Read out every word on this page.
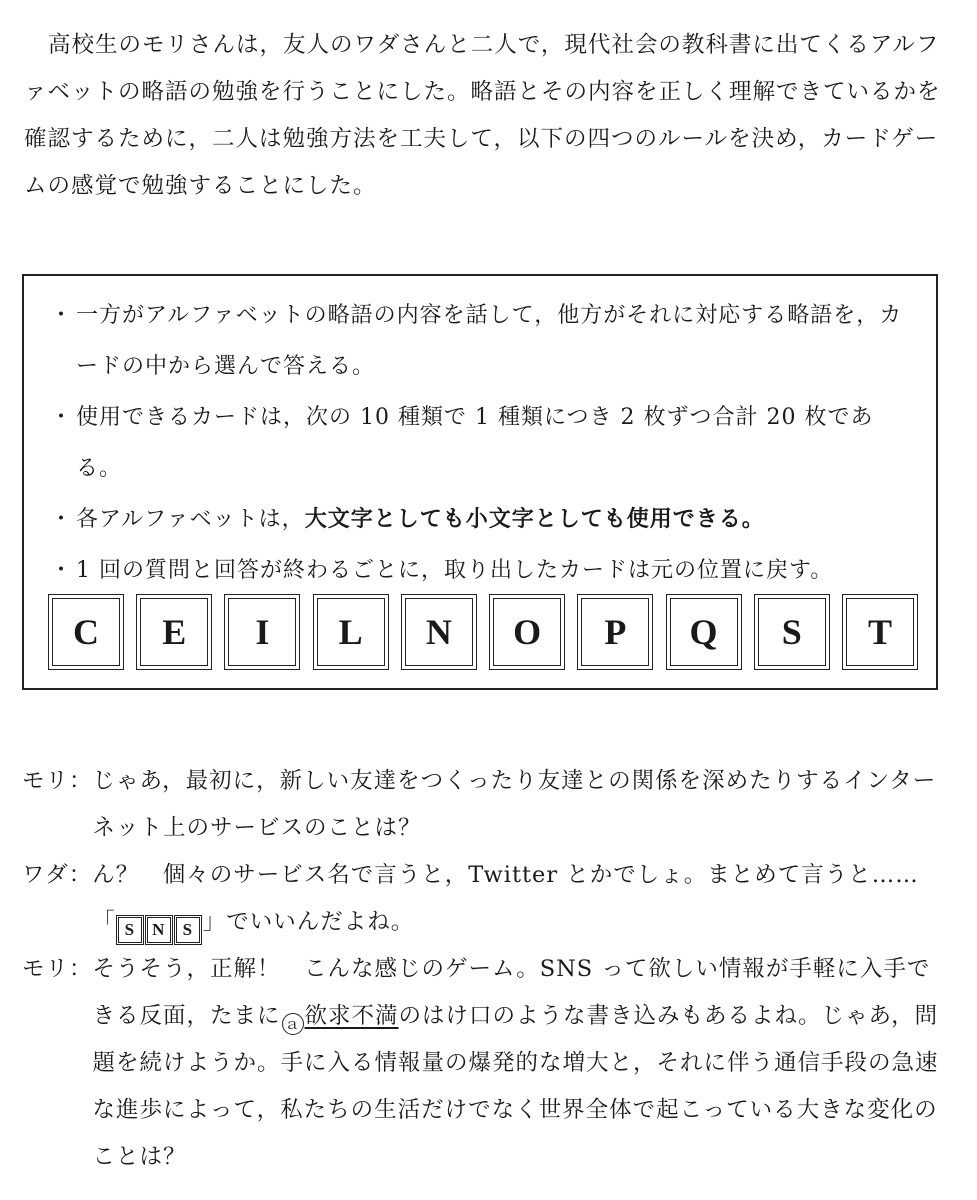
高校生のモリさんは，友人のワダさんと二人で，現代社会の教科書に出てくるアルファベットの略語の勉強を行うことにした。略語とその内容を正しく理解できているかを確認するために，二人は勉強方法を工夫して，以下の四つのルールを決め，カードゲームの感覚で勉強することにした。

・ 一方がアルファベットの略語の内容を話して，他方がそれに対応する略語を，カードの中から選んで答える。
・ 使用できるカードは，次の 10 種類で 1 種類につき 2 枚ずつ合計 20 枚である。
・ 各アルファベットは，大文字としても小文字としても使用できる。
・ 1 回の質問と回答が終わるごとに，取り出したカードは元の位置に戻す。
C	E	I	L	N	O	P	Q	S	T
モリ： じゃあ，最初に，新しい友達をつくったり友達との関係を深めたりするインターネット上のサービスのことは？
ワダ： ん？　個々のサービス名で言うと，Twitter とかでしょ。まとめて言うと……「 S	N	S 」でいいんだよね。
モリ： そうそう，正解！　こんな感じのゲーム。SNS って欲しい情報が手軽に入手できる反面，たまに ａ 欲求不満のはけ口のような書き込みもあるよね。じゃあ，問題を続けようか。手に入る情報量の爆発的な増大と，それに伴う通信手段の急速な進歩によって，私たちの生活だけでなく世界全体で起こっている大きな変化のことは？
